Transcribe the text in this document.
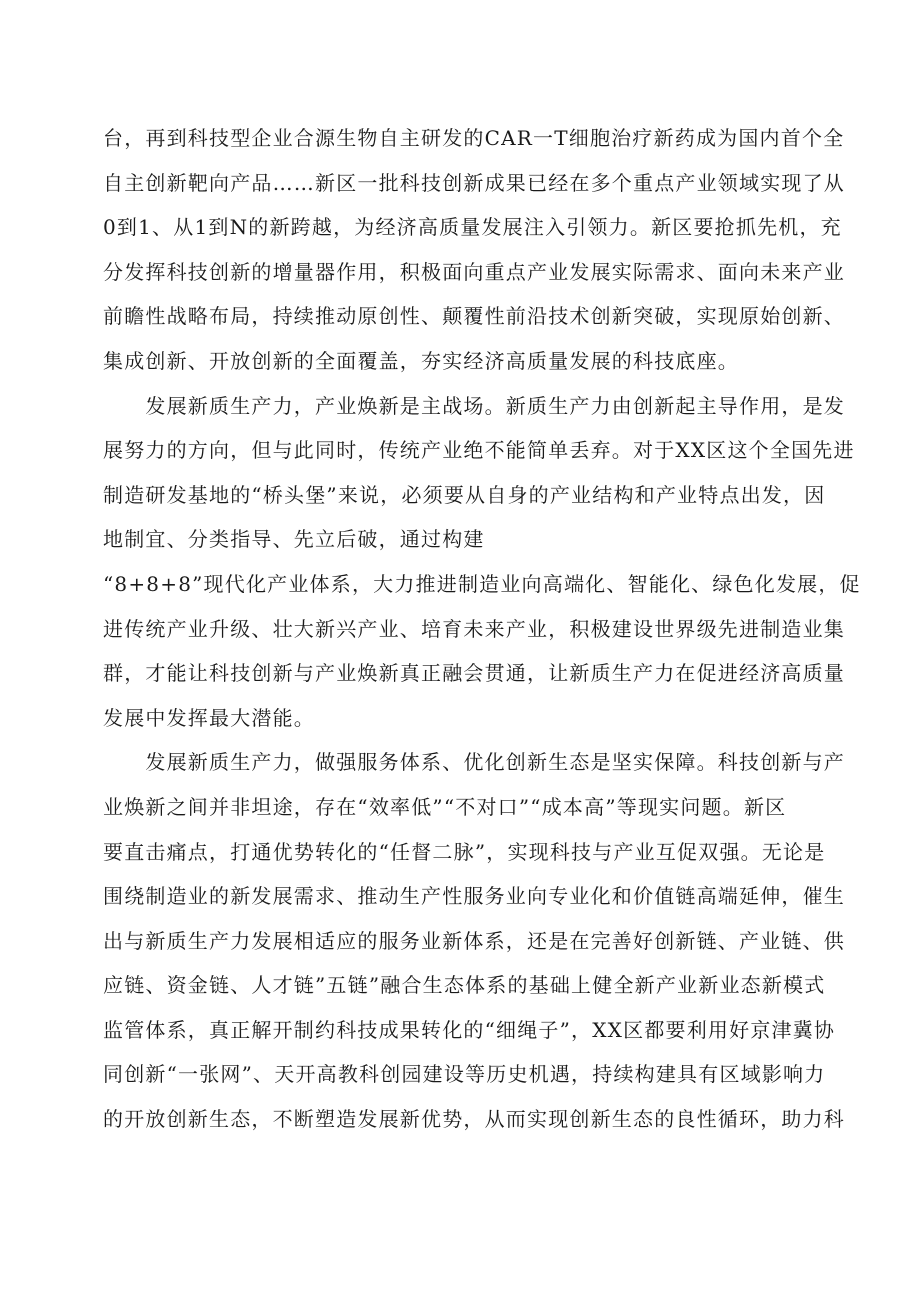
台，再到科技型企业合源生物自主研发的CAR一T细胞治疗新药成为国内首个全
自主创新靶向产品……新区一批科技创新成果已经在多个重点产业领域实现了从
0到1、从1到N的新跨越，为经济高质量发展注入引领力。新区要抢抓先机，充
分发挥科技创新的增量器作用，积极面向重点产业发展实际需求、面向未来产业
前瞻性战略布局，持续推动原创性、颠覆性前沿技术创新突破，实现原始创新、
集成创新、开放创新的全面覆盖，夯实经济高质量发展的科技底座。
　　发展新质生产力，产业焕新是主战场。新质生产力由创新起主导作用，是发
展努力的方向，但与此同时，传统产业绝不能简单丢弃。对于XX区这个全国先进
制造研发基地的“桥头堡”来说，必须要从自身的产业结构和产业特点出发，因
地制宜、分类指导、先立后破，通过构建
“8+8+8”现代化产业体系，大力推进制造业向高端化、智能化、绿色化发展，促
进传统产业升级、壮大新兴产业、培育未来产业，积极建设世界级先进制造业集
群，才能让科技创新与产业焕新真正融会贯通，让新质生产力在促进经济高质量
发展中发挥最大潜能。
　　发展新质生产力，做强服务体系、优化创新生态是坚实保障。科技创新与产
业焕新之间并非坦途，存在“效率低”“不对口”“成本高”等现实问题。新区
要直击痛点，打通优势转化的“任督二脉”，实现科技与产业互促双强。无论是
围绕制造业的新发展需求、推动生产性服务业向专业化和价值链高端延伸，催生
出与新质生产力发展相适应的服务业新体系，还是在完善好创新链、产业链、供
应链、资金链、人才链”五链”融合生态体系的基础上健全新产业新业态新模式
监管体系，真正解开制约科技成果转化的“细绳子”，XX区都要利用好京津冀协
同创新“一张网”、天开高教科创园建设等历史机遇，持续构建具有区域影响力
的开放创新生态，不断塑造发展新优势，从而实现创新生态的良性循环，助力科
